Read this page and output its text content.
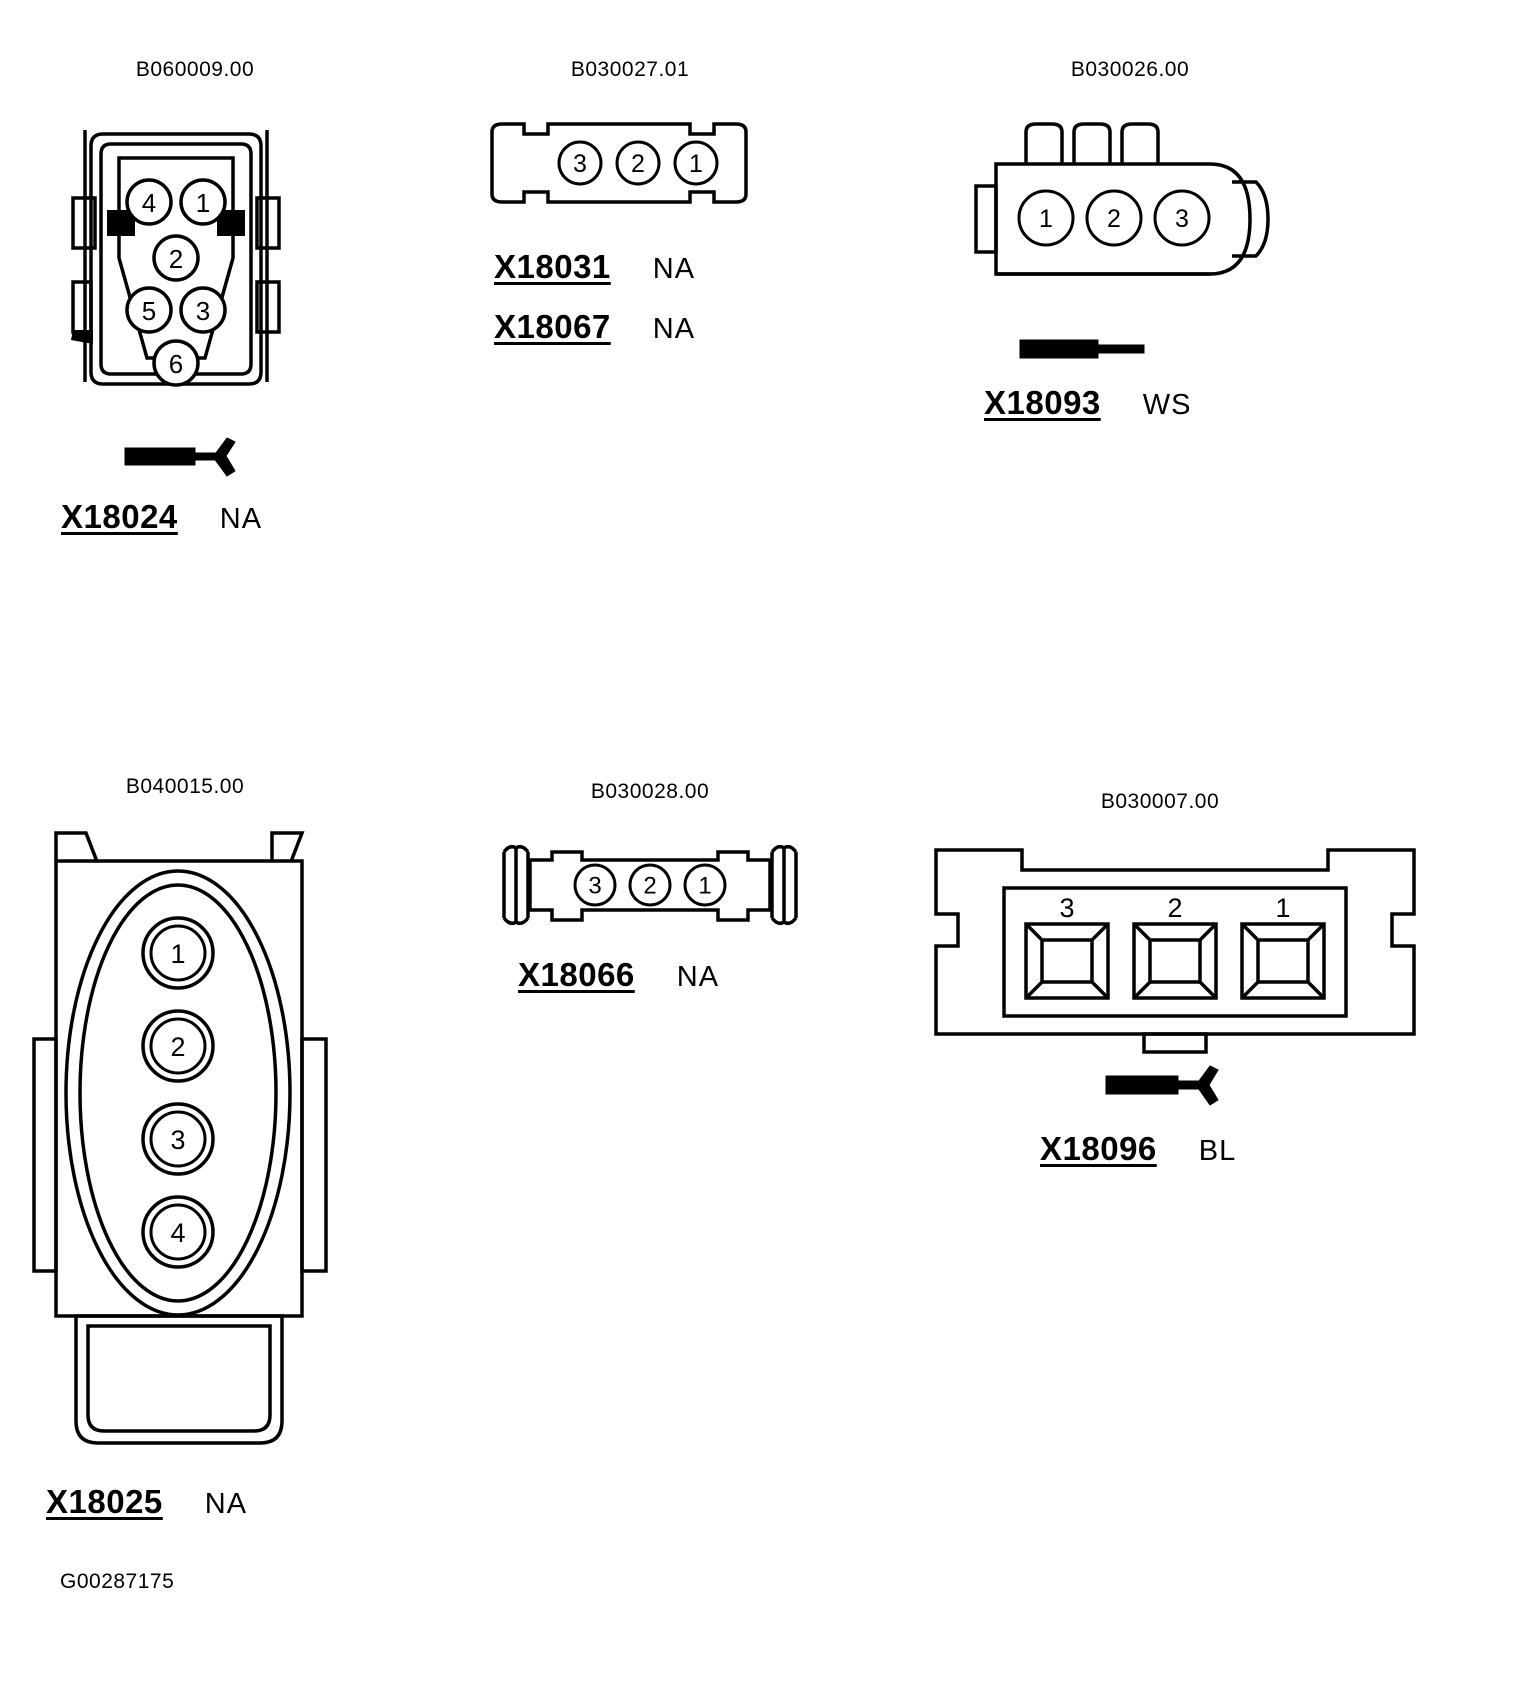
B060009.00
4 1
2
5 3
6
X18024 NA
B030027.01
3 2 1
X18031 NA
X18067 NA
B030026.00
1 2 3
X18093 WS
B040015.00
1
2
3
4
X18025 NA
B030028.00
3 2 1
X18066 NA
B030007.00
3	2	1
X18096 BL
G00287175
